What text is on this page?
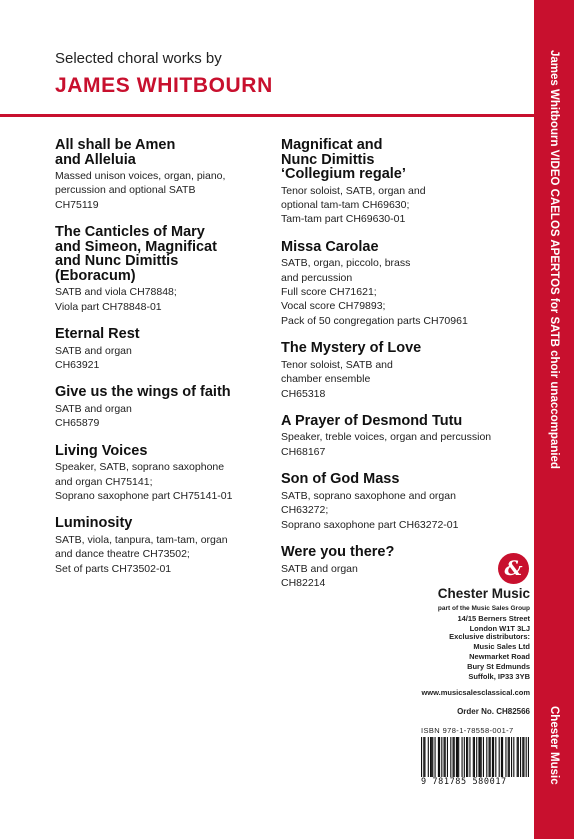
James Whitbourn VIDEO CAELOS APERTOS for SATB choir unaccompanied
Chester Music
Selected choral works by
JAMES WHITBOURN
All shall be Amen
and Alleluia
Massed unison voices, organ, piano,
percussion and optional SATB
CH75119
The Canticles of Mary
and Simeon, Magnificat
and Nunc Dimittis
(Eboracum)
SATB and viola CH78848;
Viola part CH78848-01
Eternal Rest
SATB and organ
CH63921
Give us the wings of faith
SATB and organ
CH65879
Living Voices
Speaker, SATB, soprano saxophone
and organ CH75141;
Soprano saxophone part CH75141-01
Luminosity
SATB, viola, tanpura, tam-tam, organ
and dance theatre CH73502;
Set of parts CH73502-01
Magnificat and
Nunc Dimittis
‘Collegium regale’
Tenor soloist, SATB, organ and
optional tam-tam CH69630;
Tam-tam part CH69630-01
Missa Carolae
SATB, organ, piccolo, brass
and percussion
Full score CH71621;
Vocal score CH79893;
Pack of 50 congregation parts CH70961
The Mystery of Love
Tenor soloist, SATB and
chamber ensemble
CH65318
A Prayer of Desmond Tutu
Speaker, treble voices, organ and percussion
CH68167
Son of God Mass
SATB, soprano saxophone and organ
CH63272;
Soprano saxophone part CH63272-01
Were you there?
SATB and organ
CH82214
&
Chester Music
part of the Music Sales Group
14/15 Berners Street
London W1T 3LJ
Exclusive distributors:
Music Sales Ltd
Newmarket Road
Bury St Edmunds
Suffolk, IP33 3YB
www.musicsalesclassical.com
Order No. CH82566
ISBN 978-1-78558-001-7
9 781785 580017
